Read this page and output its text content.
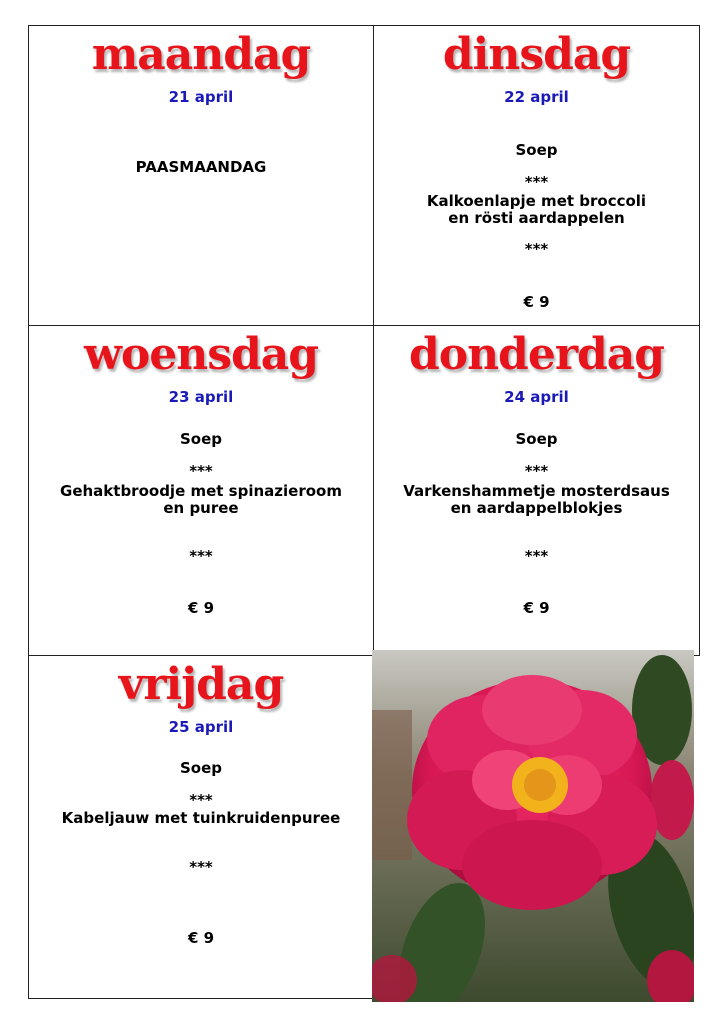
maandag
21 april
PAASMAANDAG
dinsdag
22 april
Soep
***
Kalkoenlapje met broccoli
en rösti aardappelen
***
€ 9
woensdag
23 april
Soep
***
Gehaktbroodje met spinazieroom
en puree
***
€ 9
donderdag
24 april
Soep
***
Varkenshammetje mosterdsaus
en aardappelblokjes
***
€ 9
vrijdag
25 april
Soep
***
Kabeljauw met tuinkruidenpuree
***
€ 9
